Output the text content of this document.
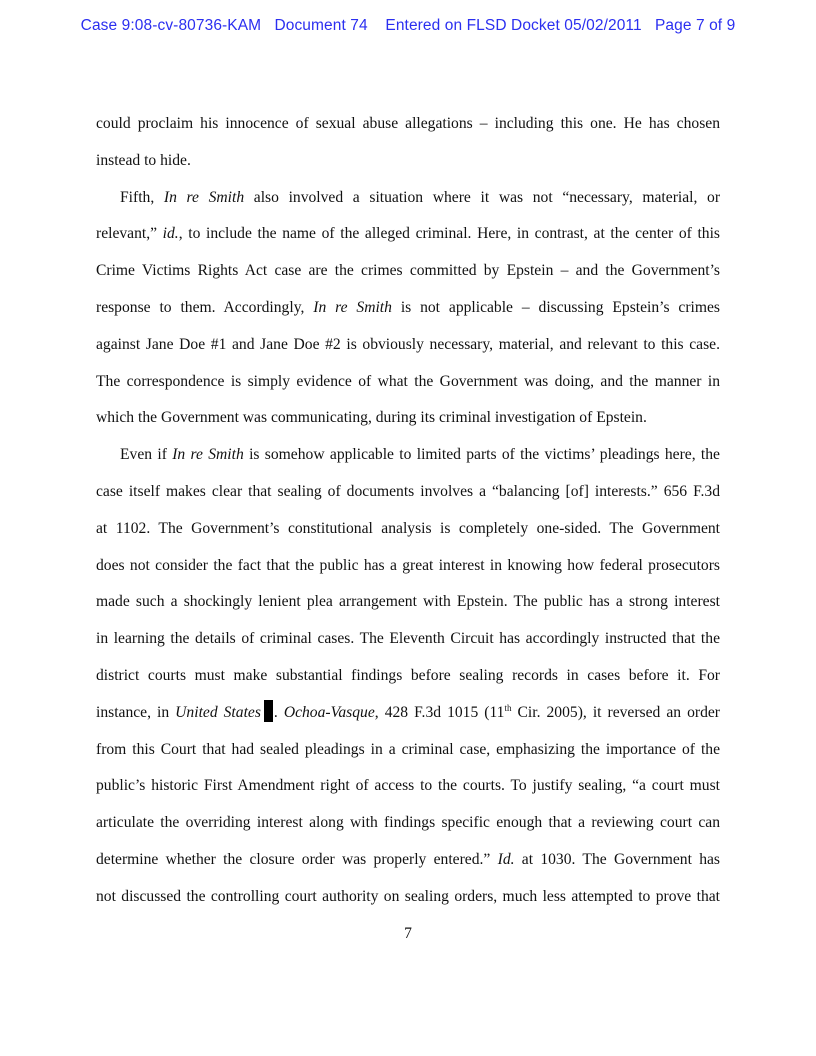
Case 9:08-cv-80736-KAM Document 74 Entered on FLSD Docket 05/02/2011 Page 7 of 9
could proclaim his innocence of sexual abuse allegations – including this one. He has chosen
instead to hide.
Fifth, In re Smith also involved a situation where it was not “necessary, material, or
relevant,” id., to include the name of the alleged criminal. Here, in contrast, at the center of this
Crime Victims Rights Act case are the crimes committed by Epstein – and the Government’s
response to them. Accordingly, In re Smith is not applicable – discussing Epstein’s crimes
against Jane Doe #1 and Jane Doe #2 is obviously necessary, material, and relevant to this case.
The correspondence is simply evidence of what the Government was doing, and the manner in
which the Government was communicating, during its criminal investigation of Epstein.
Even if In re Smith is somehow applicable to limited parts of the victims’ pleadings here, the
case itself makes clear that sealing of documents involves a “balancing [of] interests.” 656 F.3d
at 1102. The Government’s constitutional analysis is completely one-sided. The Government
does not consider the fact that the public has a great interest in knowing how federal prosecutors
made such a shockingly lenient plea arrangement with Epstein. The public has a strong interest
in learning the details of criminal cases. The Eleventh Circuit has accordingly instructed that the
district courts must make substantial findings before sealing records in cases before it. For
instance, in United States . Ochoa-Vasque, 428 F.3d 1015 (11th Cir. 2005), it reversed an order
from this Court that had sealed pleadings in a criminal case, emphasizing the importance of the
public’s historic First Amendment right of access to the courts. To justify sealing, “a court must
articulate the overriding interest along with findings specific enough that a reviewing court can
determine whether the closure order was properly entered.” Id. at 1030. The Government has
not discussed the controlling court authority on sealing orders, much less attempted to prove that
7
